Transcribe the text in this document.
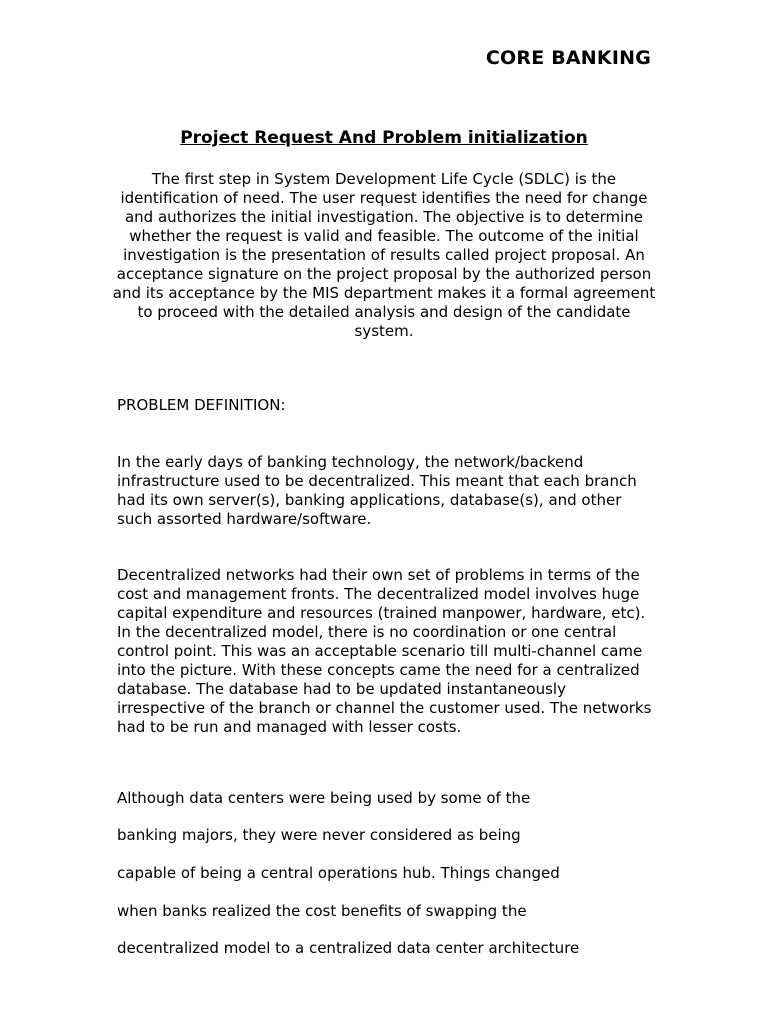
CORE BANKING
Project Request And Problem initialization

The first step in System Development Life Cycle (SDLC) is the identification of need. The user request identifies the need for change and authorizes the initial investigation. The objective is to determine whether the request is valid and feasible. The outcome of the initial investigation is the presentation of results called project proposal. An acceptance signature on the project proposal by the authorized person and its acceptance by the MIS department makes it a formal agreement to proceed with the detailed analysis and design of the candidate system.

PROBLEM DEFINITION:

In the early days of banking technology, the network/backend infrastructure used to be decentralized. This meant that each branch had its own server(s), banking applications, database(s), and other such assorted hardware/software.

Decentralized networks had their own set of problems in terms of the cost and management fronts. The decentralized model involves huge capital expenditure and resources (trained manpower, hardware, etc). In the decentralized model, there is no coordination or one central control point. This was an acceptable scenario till multi-channel came into the picture. With these concepts came the need for a centralized database. The database had to be updated instantaneously irrespective of the branch or channel the customer used. The networks had to be run and managed with lesser costs.

Although data centers were being used by some of the
banking majors, they were never considered as being
capable of being a central operations hub. Things changed
when banks realized the cost benefits of swapping the
decentralized model to a centralized data center architecture
